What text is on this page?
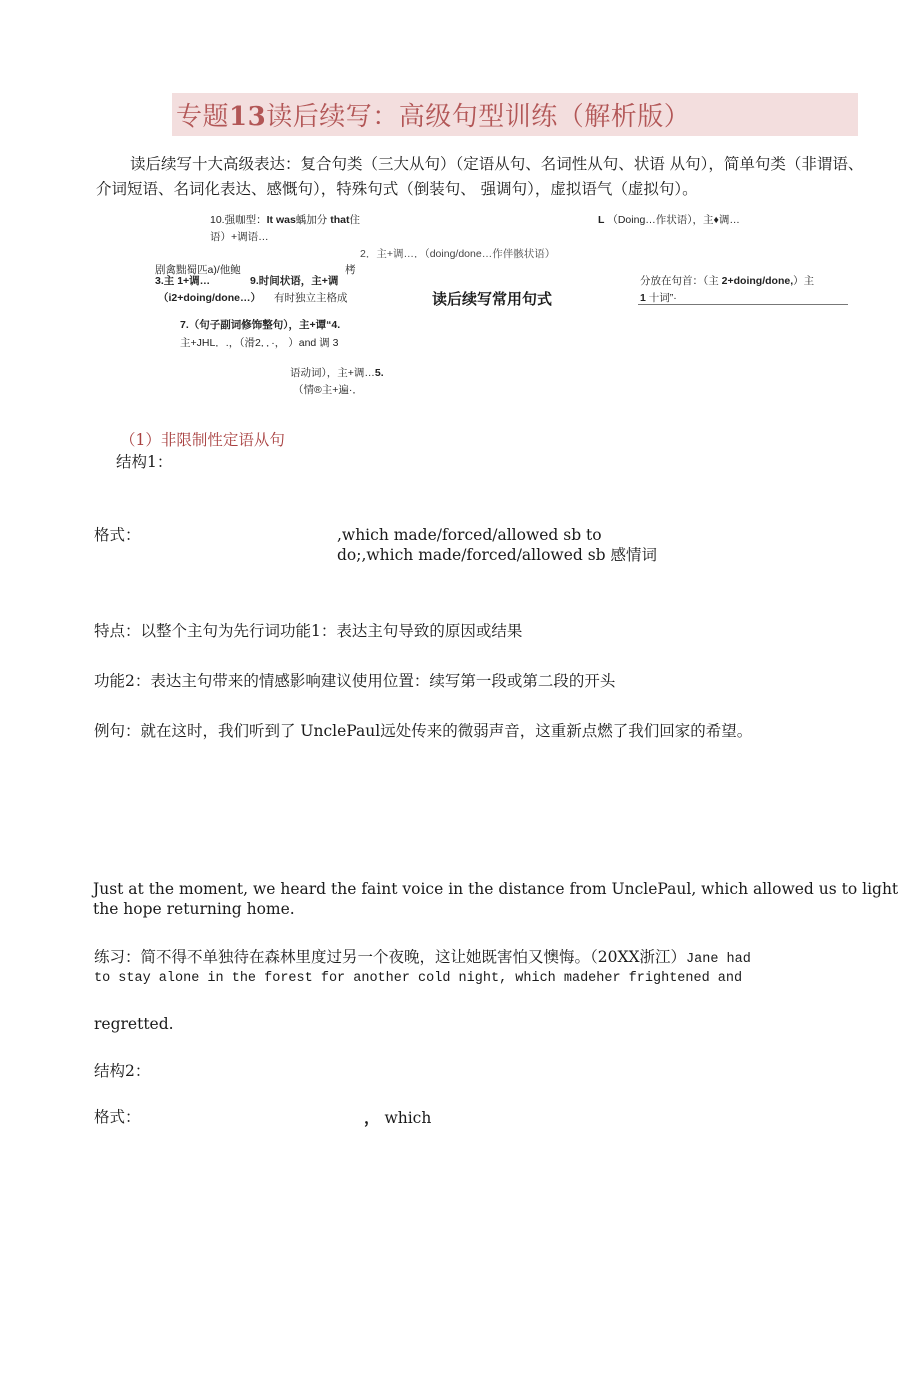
专题13读后续写：高级句型训练（解析版）
读后续写十大高级表达：复合句类（三大从句）（定语从句、名词性从句、状语 从句），简单句类（非谓语、介词短语、名词化表达、感慨句），特殊句式（倒装句、 强调句），虚拟语气（虚拟句）。
10.强咖型：It was蝺加分 that住
语）+调语…
L （Doing…作状语），主♦调…
2．主+调…．（doing/done…作伴骸状语）
剧禽黜蜀匹a)/他鲍	栲
3.主 1+调…
（i2+doing/done…）
9.时间状语，主+调
有时独立主格成	读后续写常用句式
分放在句首：（主 2+doing/done,）主
1 十词”·
7.（句子副词修饰整句），主+谭“4.
主+JHL．.，（滑2．．·， ）and 调 3
语动词），主+调…5.
（情®主+遍·．
（1）非限制性定语从句
结构1：
格式：	,which made/forced/allowed sb to
do;,which made/forced/allowed sb 感情词
特点：以整个主句为先行词功能1：表达主句导致的原因或结果
功能2：表达主句带来的情感影响建议使用位置：续写第一段或第二段的开头
例句：就在这时，我们听到了 UnclePaul远处传来的微弱声音，这重新点燃了我们回家的希望。
Just at the moment, we heard the faint voice in the distance from UnclePaul, which allowed us to light
the hope returning home.
练习：简不得不单独待在森林里度过另一个夜晚，这让她既害怕又懊悔。（20XX浙江）Jane had
to stay alone in the forest for another cold night, which madeher frightened and
regretted.
结构2：
格式：	， which
